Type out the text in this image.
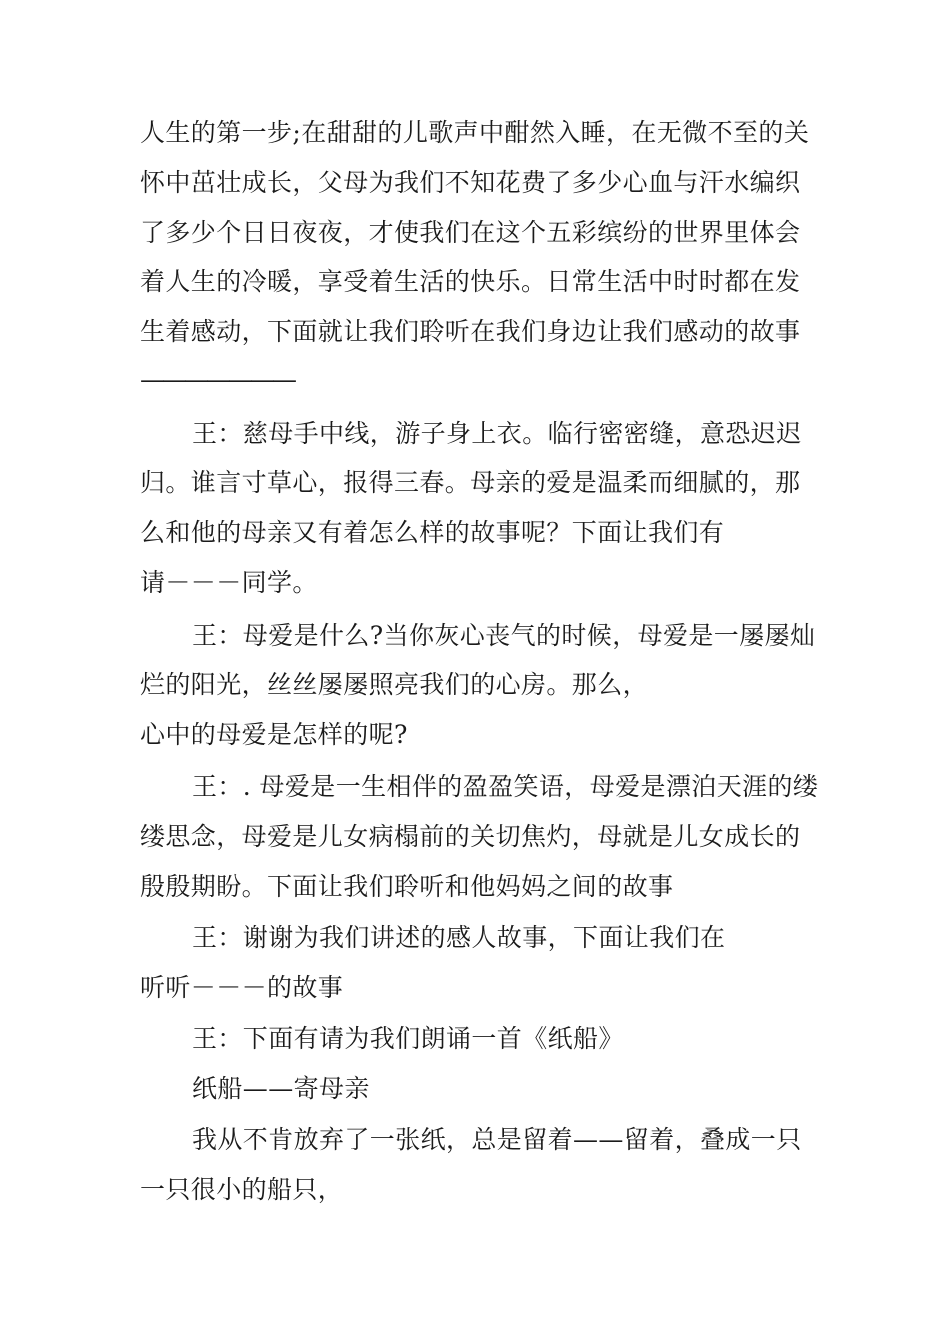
人生的第一步;在甜甜的儿歌声中酣然入睡，在无微不至的关
怀中茁壮成长，父母为我们不知花费了多少心血与汗水编织
了多少个日日夜夜，才使我们在这个五彩缤纷的世界里体会
着人生的冷暖，享受着生活的快乐。日常生活中时时都在发
生着感动，下面就让我们聆听在我们身边让我们感动的故事
———————
王：慈母手中线，游子身上衣。临行密密缝，意恐迟迟
归。谁言寸草心，报得三春。母亲的爱是温柔而细腻的，那
么和他的母亲又有着怎么样的故事呢？下面让我们有
请－－－同学。
王：母爱是什么?当你灰心丧气的时候，母爱是一屡屡灿
烂的阳光，丝丝屡屡照亮我们的心房。那么，
心中的母爱是怎样的呢?
王：. 母爱是一生相伴的盈盈笑语，母爱是漂泊天涯的缕
缕思念，母爱是儿女病榻前的关切焦灼，母就是儿女成长的
殷殷期盼。下面让我们聆听和他妈妈之间的故事
王：谢谢为我们讲述的感人故事，下面让我们在
听听－－－的故事
王：下面有请为我们朗诵一首《纸船》
纸船——寄母亲
我从不肯放弃了一张纸，总是留着——留着，叠成一只
一只很小的船只，
